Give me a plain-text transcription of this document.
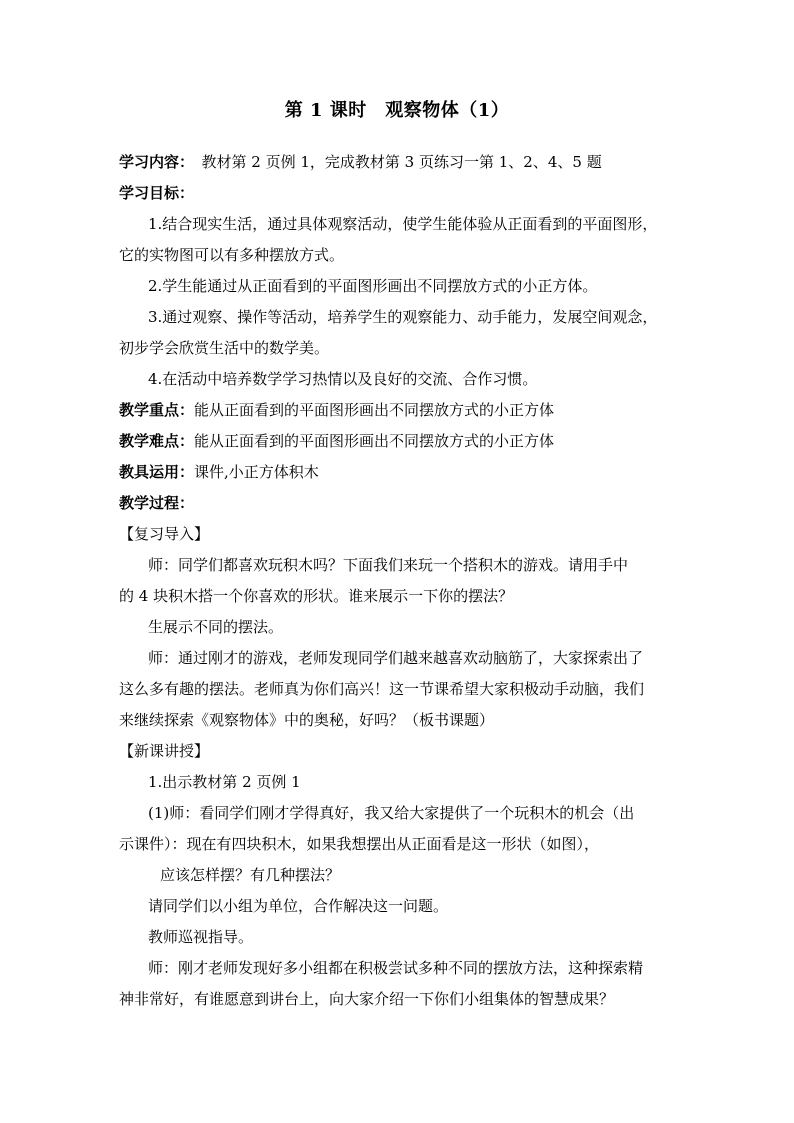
第 1 课时　观察物体（1）
学习内容：　教材第 2 页例 1，完成教材第 3 页练习一第 1、2、4、5 题
学习目标：
1.结合现实生活，通过具体观察活动，使学生能体验从正面看到的平面图形，
它的实物图可以有多种摆放方式。
2.学生能通过从正面看到的平面图形画出不同摆放方式的小正方体。
3.通过观察、操作等活动，培养学生的观察能力、动手能力，发展空间观念，
初步学会欣赏生活中的数学美。
4.在活动中培养数学学习热情以及良好的交流、合作习惯。
教学重点：能从正面看到的平面图形画出不同摆放方式的小正方体
教学难点：能从正面看到的平面图形画出不同摆放方式的小正方体
教具运用：课件,小正方体积木
教学过程：
【复习导入】
师：同学们都喜欢玩积木吗？下面我们来玩一个搭积木的游戏。请用手中
的 4 块积木搭一个你喜欢的形状。谁来展示一下你的摆法？
生展示不同的摆法。
师：通过刚才的游戏，老师发现同学们越来越喜欢动脑筋了，大家探索出了
这么多有趣的摆法。老师真为你们高兴！这一节课希望大家积极动手动脑，我们
来继续探索《观察物体》中的奥秘，好吗？（板书课题）
【新课讲授】
1.出示教材第 2 页例 1
(1)师：看同学们刚才学得真好，我又给大家提供了一个玩积木的机会（出
示课件）：现在有四块积木，如果我想摆出从正面看是这一形状（如图），
应该怎样摆？有几种摆法？
请同学们以小组为单位，合作解决这一问题。
教师巡视指导。
师：刚才老师发现好多小组都在积极尝试多种不同的摆放方法，这种探索精
神非常好，有谁愿意到讲台上，向大家介绍一下你们小组集体的智慧成果？
